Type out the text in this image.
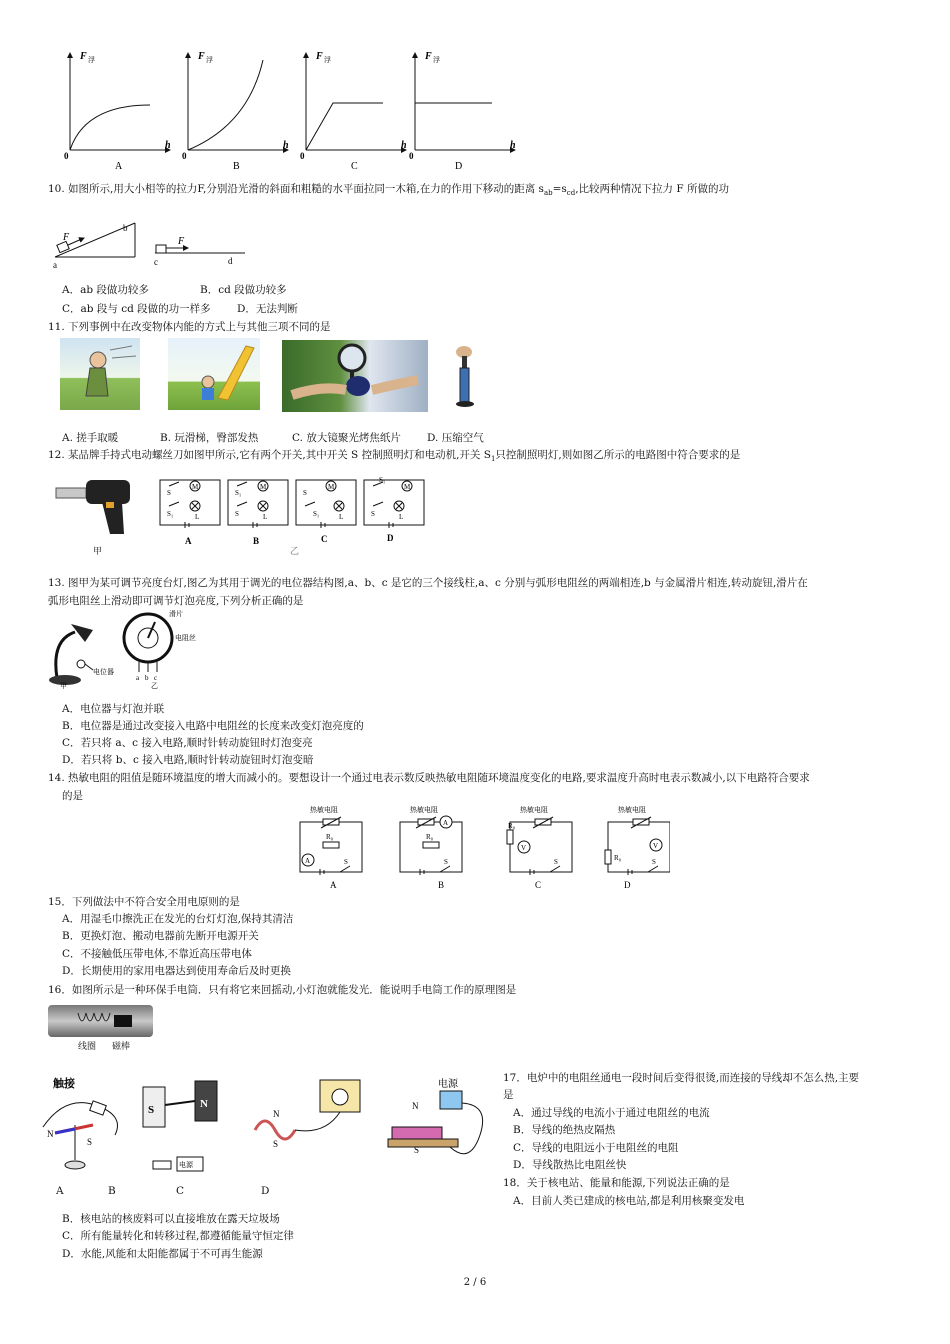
F 浮
h
0
A
F 浮
h
0
B
F 浮
h
0
C
F 浮
h
0
D
10. 如图所示,用大小相等的拉力F,分别沿光滑的斜面和粗糙的水平面拉同一木箱,在力的作用下移动的距离 $s_{ab}=s_{cd}$,比较两种情况下拉力 F 所做的功
F
a
b
F
c	d
A．ab 段做功较多	B．cd 段做功较多
C．ab 段与 cd 段做的功一样多	D．无法判断
11. 下列事例中在改变物体内能的方式上与其他三项不同的是
A. 搓手取暖	B. 玩滑梯，臀部发热	C. 放大镜聚光烤焦纸片 D. 压缩空气
12. 某品牌手持式电动螺丝刀如图甲所示,它有两个开关,其中开关 S 控制照明灯和电动机,开关 $S_1$只控制照明灯,则如图乙所示的电路图中符合要求的是
甲
M
S
S₁	L
M
S₁
S	L
M
S
S₁	L
M
S₁
S	L
A	B	C	D
乙
13. 图甲为某可调节亮度台灯,图乙为其用于调光的电位器结构图,a、b、c 是它的三个接线柱,a、c 分别与弧形电阻丝的两端相连,b 与金属滑片相连,转动旋钮,滑片在
弧形电阻丝上滑动即可调节灯泡亮度,下列分析正确的是
电位器
甲
滑片
电阻丝
a b c
乙
A．电位器与灯泡并联
B．电位器是通过改变接入电路中电阻丝的长度来改变灯泡亮度的
C．若只将 a、c 接入电路,顺时针转动旋钮时灯泡变亮
D．若只将 b、c 接入电路,顺时针转动旋钮时灯泡变暗
14. 热敏电阻的阻值是随环境温度的增大而减小的。要想设计一个通过电表示数反映热敏电阻随环境温度变化的电路,要求温度升高时电表示数减小,以下电路符合要求
的是
热敏电阻
R₀
A	S
A
热敏电阻
A
R₀
S
B
热敏电阻
R₀
V
S
C
热敏电阻
V
R₀	S
D
15．下列做法中不符合安全用电原则的是
A．用湿毛巾擦洗正在发光的台灯灯泡,保持其清洁
B．更换灯泡、搬动电器前先断开电源开关
C．不接触低压带电体,不靠近高压带电体
D．长期使用的家用电器达到使用寿命后及时更换
16．如图所示是一种环保手电筒．只有将它来回摇动,小灯泡就能发光．能说明手电筒工作的原理图是
线圈 磁棒
触接
N
S
S	N
电源
N
S
电源
N
S
A	B	C	D
17．电炉中的电阻丝通电一段时间后变得很烫,而连接的导线却不怎么热,主要
是
A．通过导线的电流小于通过电阻丝的电流
B．导线的绝热皮隔热
C．导线的电阻远小于电阻丝的电阻
D．导线散热比电阻丝快
18．关于核电站、能量和能源,下列说法正确的是
A．目前人类已建成的核电站,都是利用核聚变发电
B．核电站的核废料可以直接堆放在露天垃圾场
C．所有能量转化和转移过程,都遵循能量守恒定律
D．水能,风能和太阳能都属于不可再生能源
2 / 6
